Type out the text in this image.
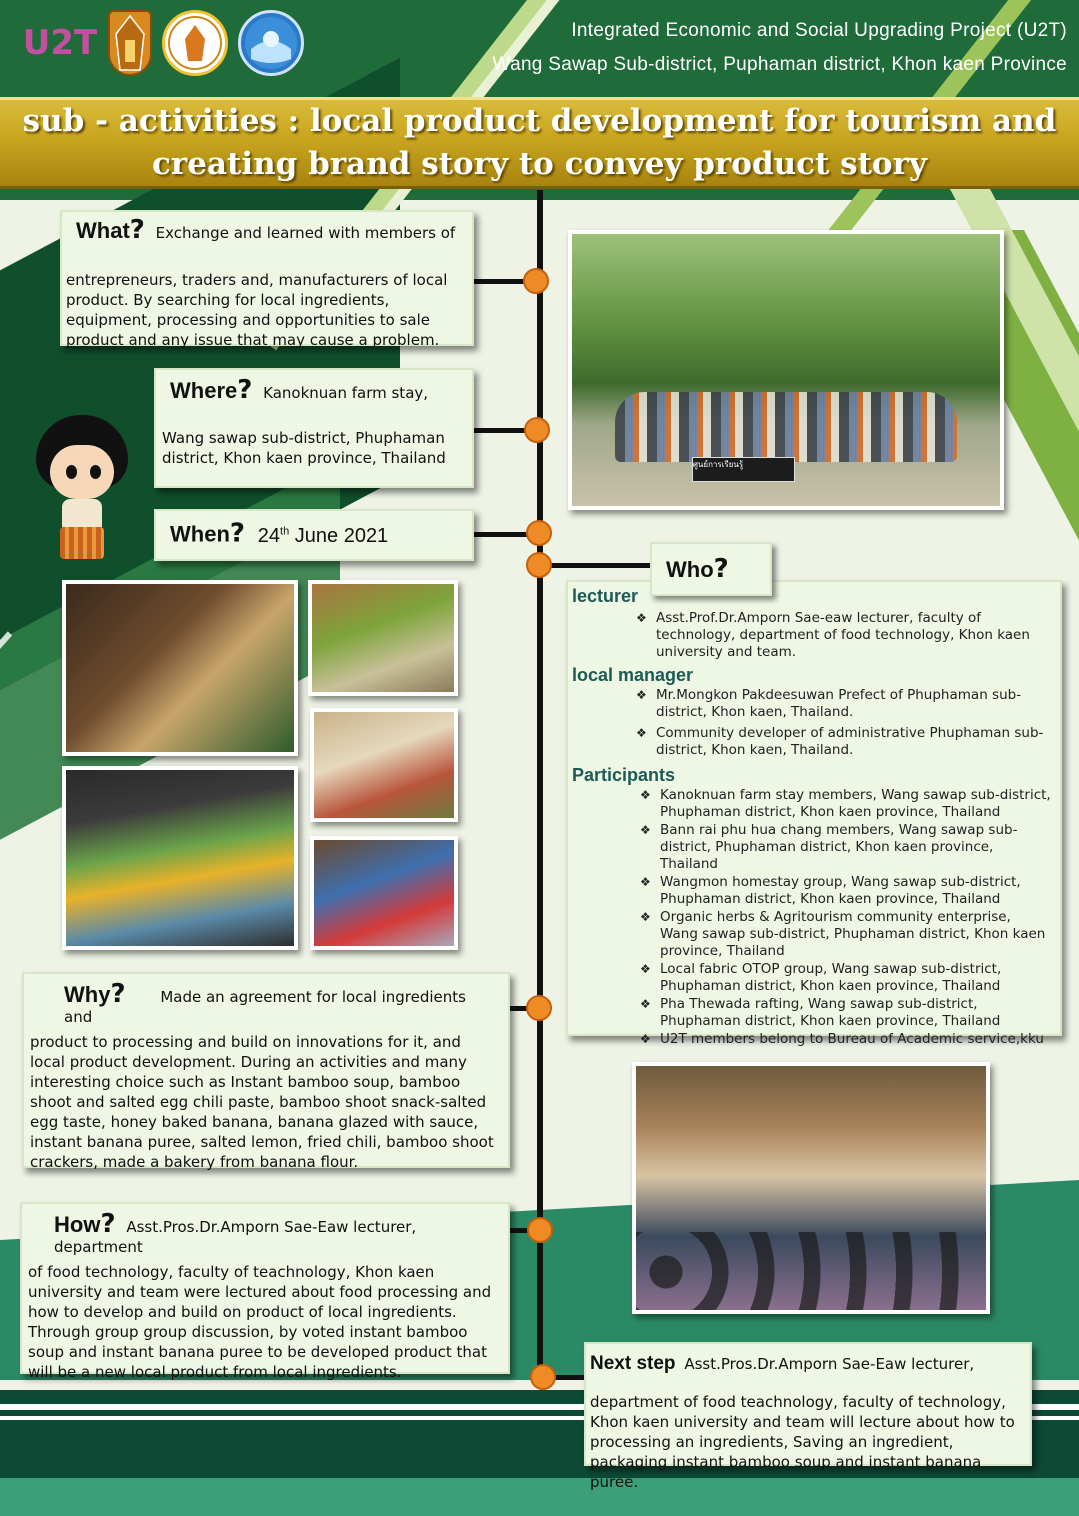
U2T	Integrated Economic and Social Upgrading Project (U2T)
Wang Sawap Sub-district, Puphaman district, Khon kaen Province
sub - activities : local product development for tourism and
creating brand story to convey product story
What? Exchange and learned with members of
entrepreneurs, traders and, manufacturers of local product. By searching for local ingredients, equipment, processing and opportunities to sale product and any issue that may cause a problem.
Where? Kanoknuan farm stay,
Wang sawap sub-district, Phuphaman district, Khon kaen province, Thailand
When? 24th June 2021
ศูนย์การเรียนรู้
lecturer
❖ Asst.Prof.Dr.Amporn Sae-eaw lecturer, faculty of technology, department of food technology, Khon kaen university and team.
local manager
❖ Mr.Mongkon Pakdeesuwan Prefect of Phuphaman sub-district, Khon kaen, Thailand.
❖ Community developer of administrative Phuphaman sub-district, Khon kaen, Thailand.
Participants
❖ Kanoknuan farm stay members, Wang sawap sub-district, Phuphaman district, Khon kaen province, Thailand
❖ Bann rai phu hua chang members, Wang sawap sub-district, Phuphaman district, Khon kaen province, Thailand
❖ Wangmon homestay group, Wang sawap sub-district, Phuphaman district, Khon kaen province, Thailand
❖ Organic herbs & Agritourism community enterprise, Wang sawap sub-district, Phuphaman district, Khon kaen province, Thailand
❖ Local fabric OTOP group, Wang sawap sub-district, Phuphaman district, Khon kaen province, Thailand
❖ Pha Thewada rafting, Wang sawap sub-district, Phuphaman district, Khon kaen province, Thailand
❖ U2T members belong to Bureau of Academic service,kku
Who?
Why? Made an agreement for local ingredients and
product to processing and build on innovations for it, and local product development. During an activities and many interesting choice such as Instant bamboo soup, bamboo shoot and salted egg chili paste, bamboo shoot snack-salted egg taste, honey baked banana, banana glazed with sauce, instant banana puree, salted lemon, fried chili, bamboo shoot crackers, made a bakery from banana flour.
How? Asst.Pros.Dr.Amporn Sae-Eaw lecturer, department
of food technology, faculty of teachnology, Khon kaen university and team were lectured about food processing and how to develop and build on product of local ingredients. Through group group discussion, by voted instant bamboo soup and instant banana puree to be developed product that will be a new local product from local ingredients.	Next step Asst.Pros.Dr.Amporn Sae-Eaw lecturer,
department of food teachnology, faculty of technology, Khon kaen university and team will lecture about how to processing an ingredients, Saving an ingredient, packaging instant bamboo soup and instant banana puree.
